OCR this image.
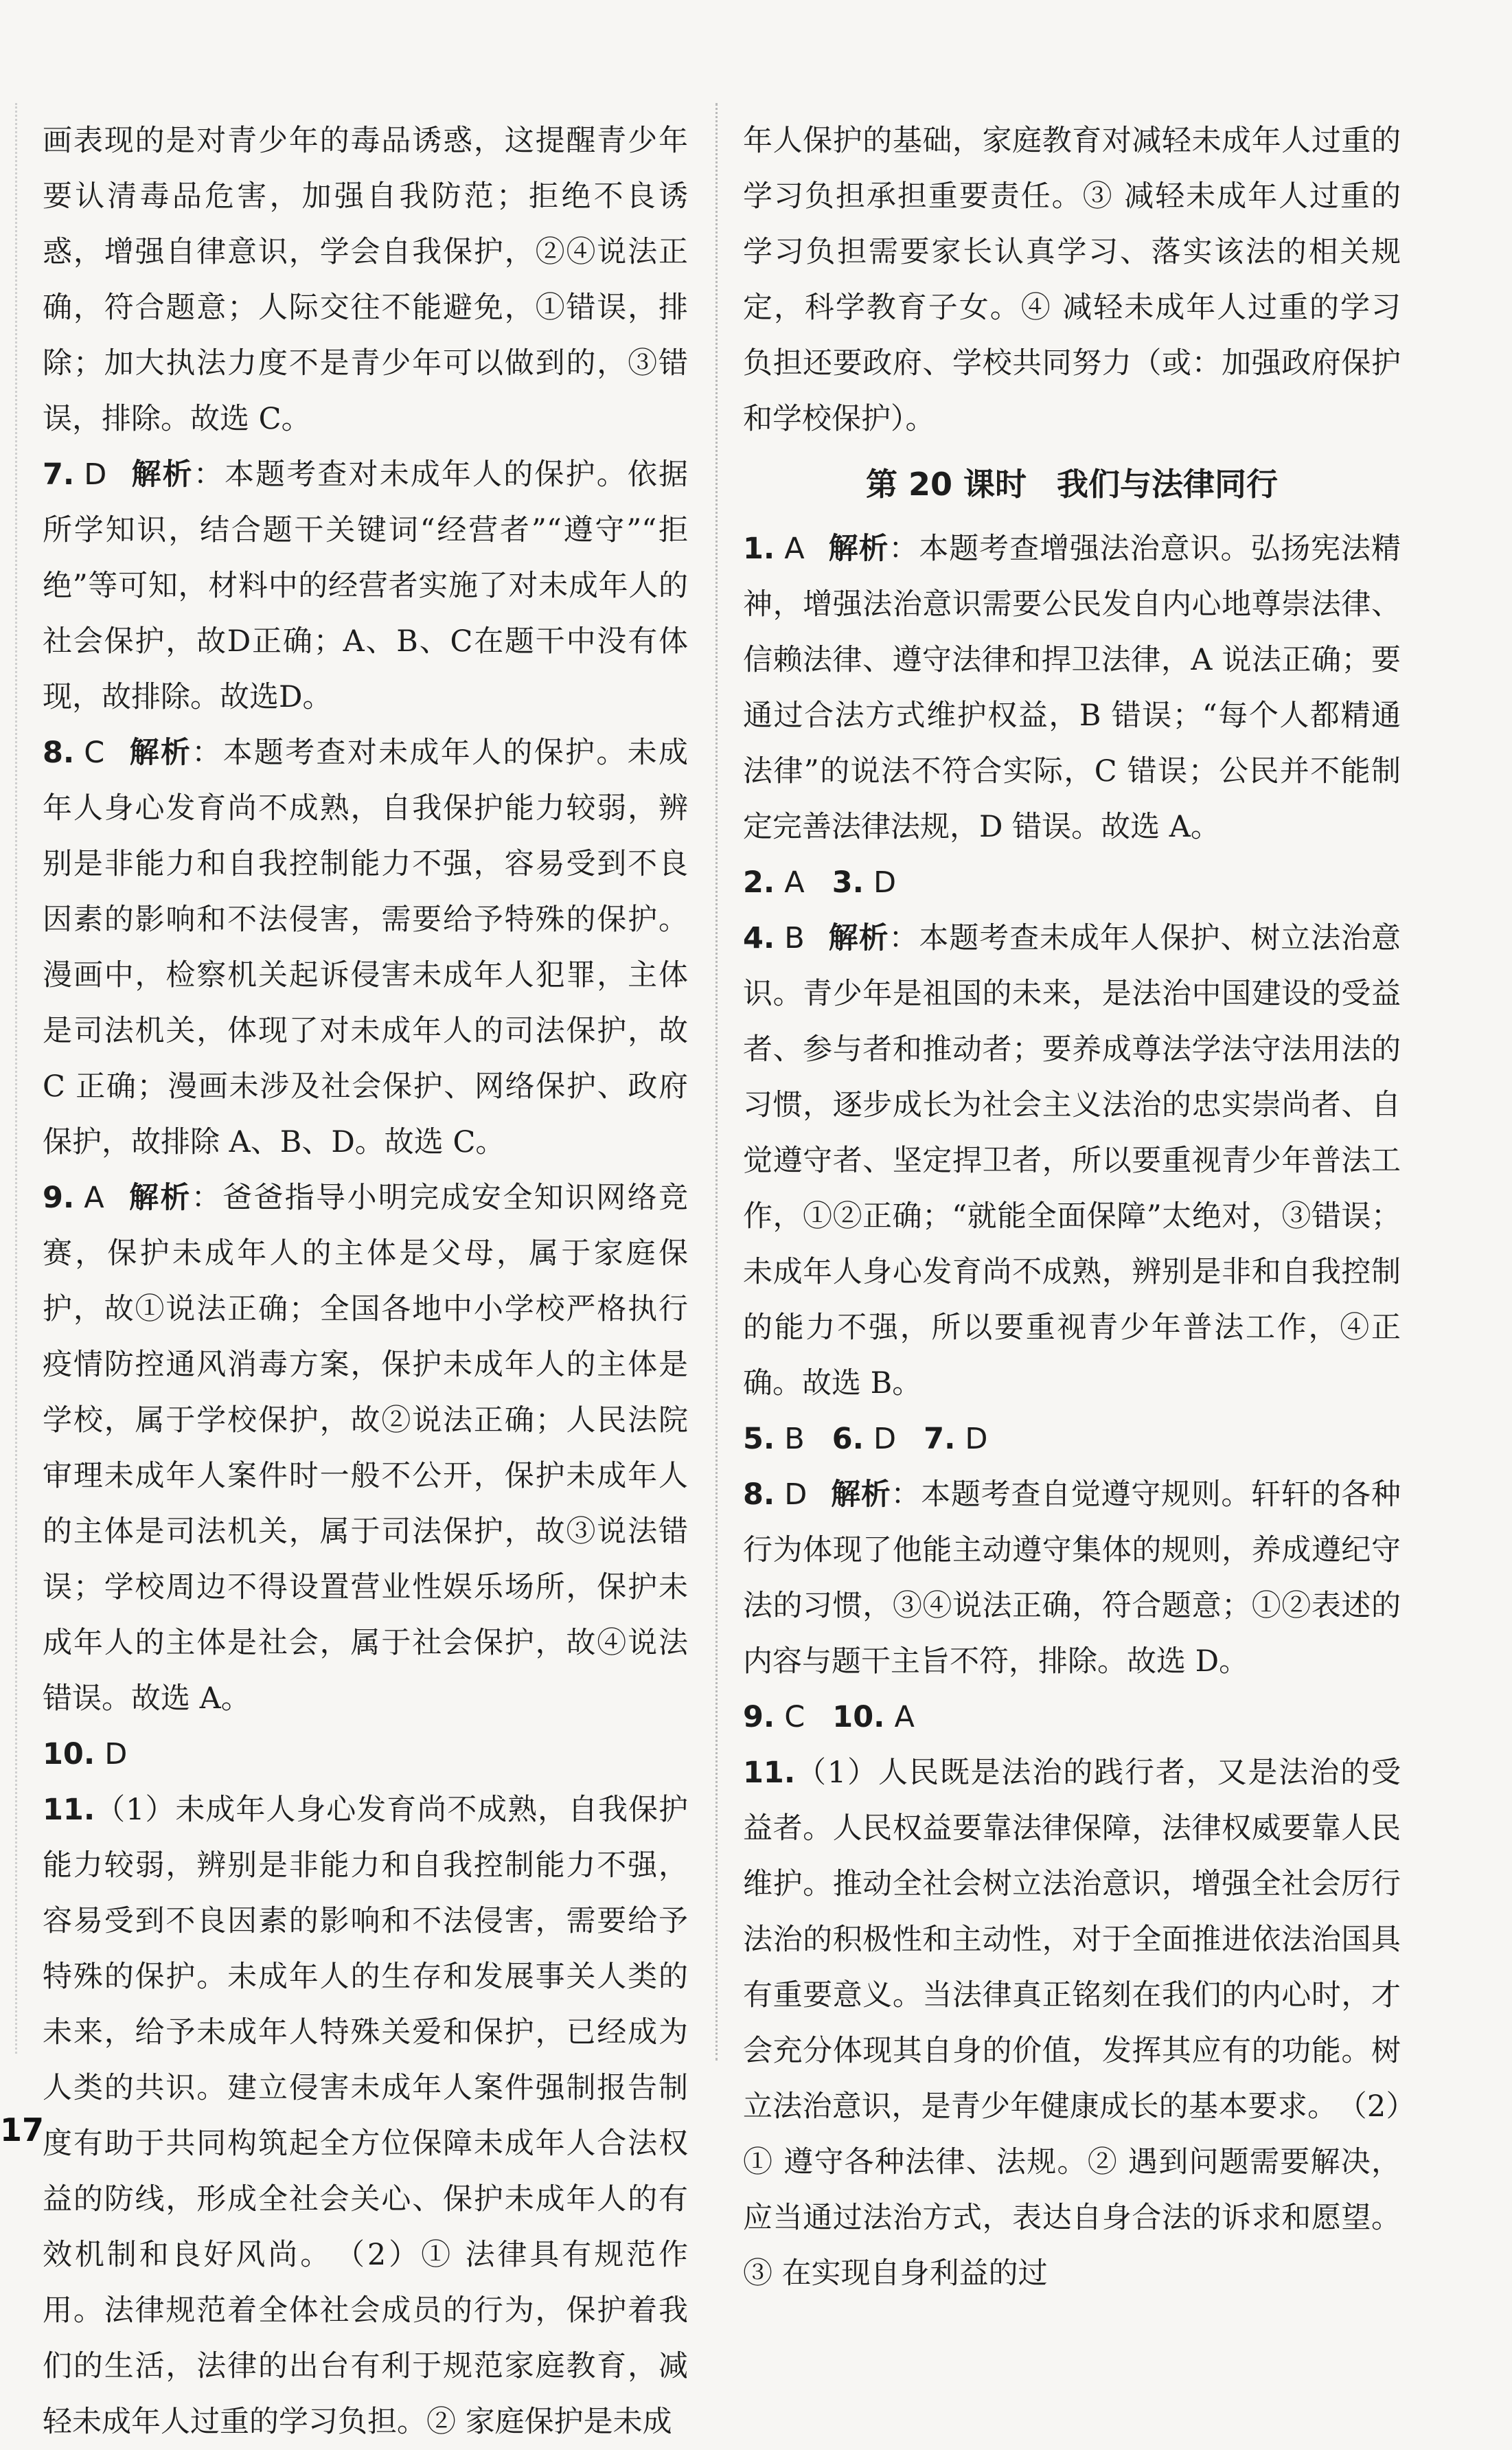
画表现的是对青少年的毒品诱惑，这提醒青少年要认清毒品危害，加强自我防范；拒绝不良诱惑，增强自律意识，学会自我保护，②④说法正确，符合题意；人际交往不能避免，①错误，排除；加大执法力度不是青少年可以做到的，③错误，排除。故选 C。

7. D 解析：本题考查对未成年人的保护。依据所学知识，结合题干关键词“经营者”“遵守”“拒绝”等可知，材料中的经营者实施了对未成年人的社会保护，故D正确；A、B、C在题干中没有体现，故排除。故选D。

8. C 解析：本题考查对未成年人的保护。未成年人身心发育尚不成熟，自我保护能力较弱，辨别是非能力和自我控制能力不强，容易受到不良因素的影响和不法侵害，需要给予特殊的保护。漫画中，检察机关起诉侵害未成年人犯罪，主体是司法机关，体现了对未成年人的司法保护，故 C 正确；漫画未涉及社会保护、网络保护、政府保护，故排除 A、B、D。故选 C。

9. A 解析：爸爸指导小明完成安全知识网络竞赛，保护未成年人的主体是父母，属于家庭保护，故①说法正确；全国各地中小学校严格执行疫情防控通风消毒方案，保护未成年人的主体是学校，属于学校保护，故②说法正确；人民法院审理未成年人案件时一般不公开，保护未成年人的主体是司法机关，属于司法保护，故③说法错误；学校周边不得设置营业性娱乐场所，保护未成年人的主体是社会，属于社会保护，故④说法错误。故选 A。

10. D

11.（1）未成年人身心发育尚不成熟，自我保护能力较弱，辨别是非能力和自我控制能力不强，容易受到不良因素的影响和不法侵害，需要给予特殊的保护。未成年人的生存和发展事关人类的未来，给予未成年人特殊关爱和保护，已经成为人类的共识。建立侵害未成年人案件强制报告制度有助于共同构筑起全方位保障未成年人合法权益的防线，形成全社会关心、保护未成年人的有效机制和良好风尚。　（2）① 法律具有规范作用。法律规范着全体社会成员的行为，保护着我们的生活，法律的出台有利于规范家庭教育，减轻未成年人过重的学习负担。② 家庭保护是未成

年人保护的基础，家庭教育对减轻未成年人过重的学习负担承担重要责任。③ 减轻未成年人过重的学习负担需要家长认真学习、落实该法的相关规定，科学教育子女。④ 减轻未成年人过重的学习负担还要政府、学校共同努力（或：加强政府保护和学校保护）。

第 20 课时 我们与法律同行

1. A 解析：本题考查增强法治意识。弘扬宪法精神，增强法治意识需要公民发自内心地尊崇法律、信赖法律、遵守法律和捍卫法律，A 说法正确；要通过合法方式维护权益，B 错误；“每个人都精通法律”的说法不符合实际，C 错误；公民并不能制定完善法律法规，D 错误。故选 A。

2. A 3. D

4. B 解析：本题考查未成年人保护、树立法治意识。青少年是祖国的未来，是法治中国建设的受益者、参与者和推动者；要养成尊法学法守法用法的习惯，逐步成长为社会主义法治的忠实崇尚者、自觉遵守者、坚定捍卫者，所以要重视青少年普法工作，①②正确；“就能全面保障”太绝对，③错误；未成年人身心发育尚不成熟，辨别是非和自我控制的能力不强，所以要重视青少年普法工作，④正确。故选 B。

5. B 6. D 7. D

8. D 解析：本题考查自觉遵守规则。轩轩的各种行为体现了他能主动遵守集体的规则，养成遵纪守法的习惯，③④说法正确，符合题意；①②表述的内容与题干主旨不符，排除。故选 D。

9. C 10. A

11.（1）人民既是法治的践行者，又是法治的受益者。人民权益要靠法律保障，法律权威要靠人民维护。推动全社会树立法治意识，增强全社会厉行法治的积极性和主动性，对于全面推进依法治国具有重要意义。当法律真正铭刻在我们的内心时，才会充分体现其自身的价值，发挥其应有的功能。树立法治意识，是青少年健康成长的基本要求。　（2）① 遵守各种法律、法规。② 遇到问题需要解决，应当通过法治方式，表达自身合法的诉求和愿望。③ 在实现自身利益的过

17
